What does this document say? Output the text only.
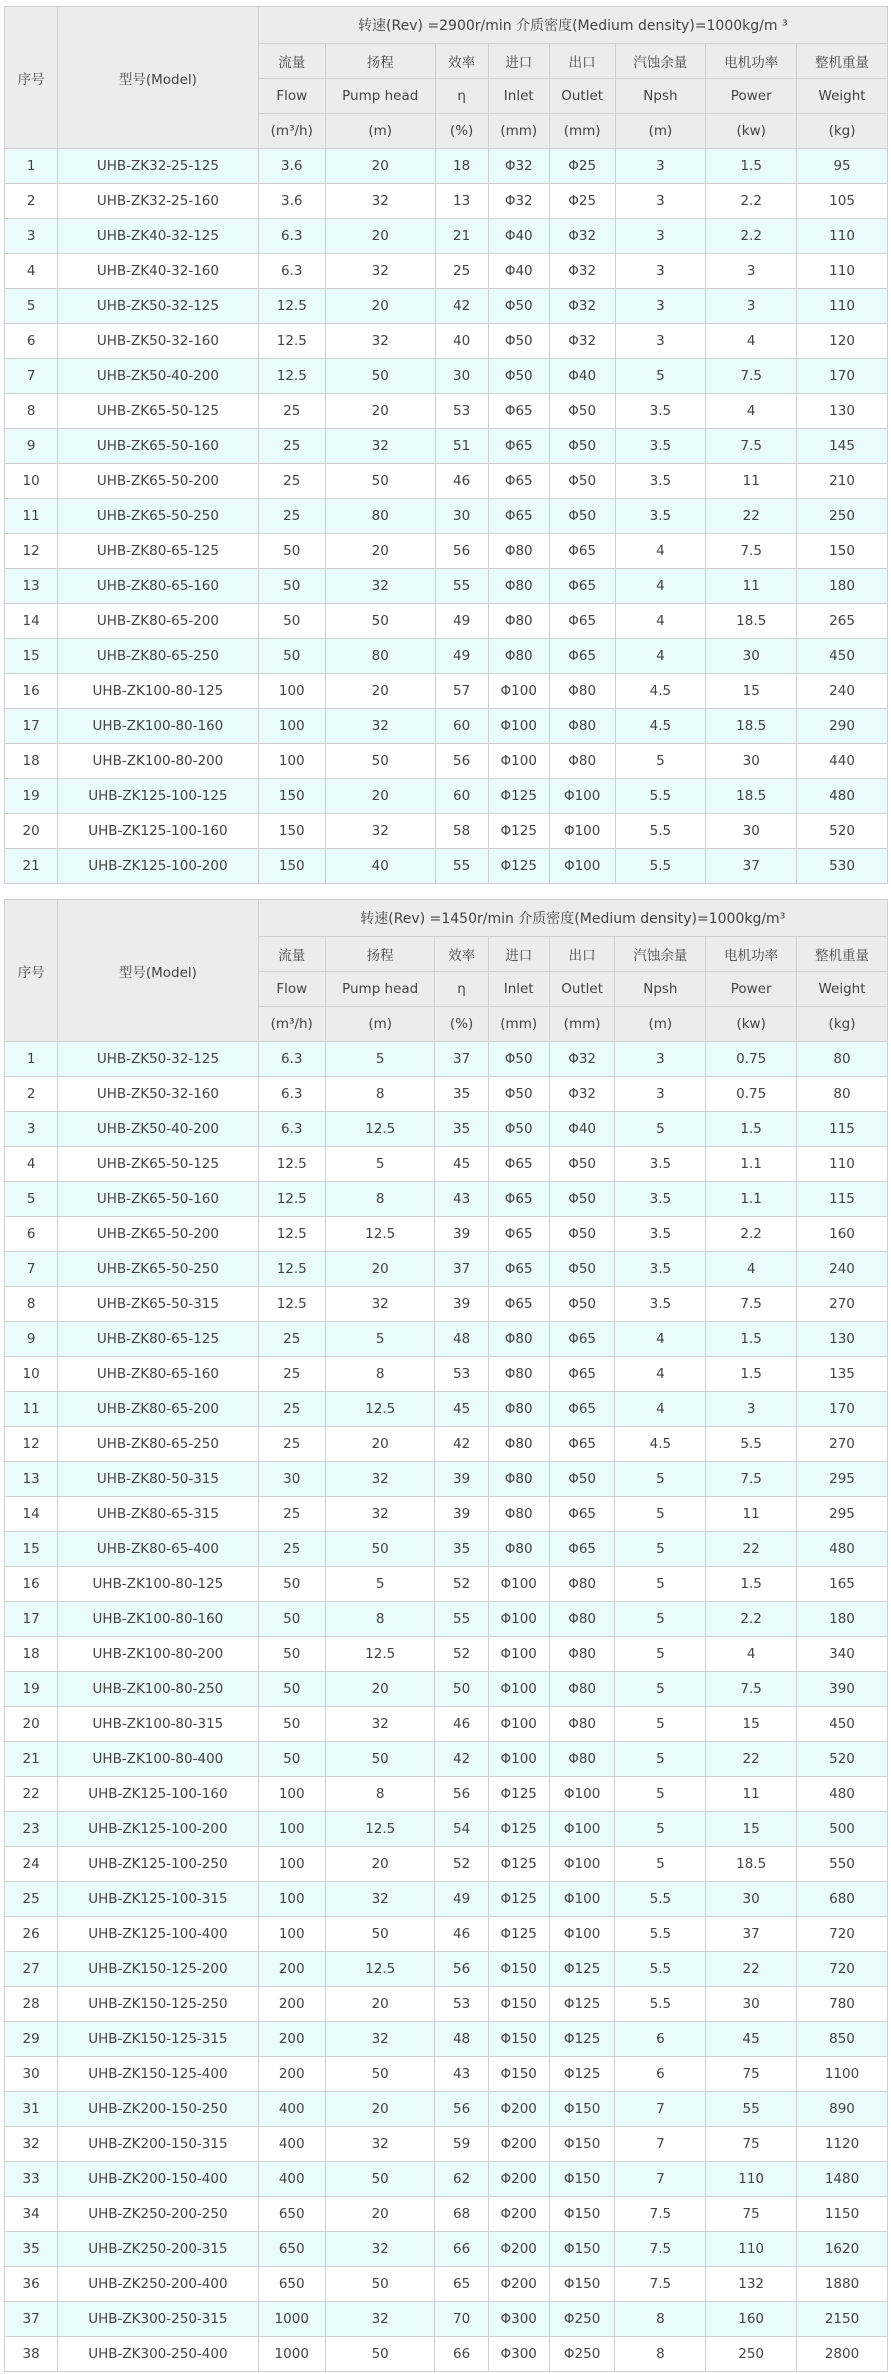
序号	型号(Model)	转速(Rev) =2900r/min 介质密度(Medium density)=1000kg/m ³							
		流量	扬程	效率	进口	出口	汽蚀余量	电机功率	整机重量
		Flow	Pump head	η	Inlet	Outlet	Npsh	Power	Weight
		(m³/h)	(m)	(%)	(mm)	(mm)	(m)	(kw)	(kg)
1	UHB-ZK32-25-125	3.6	20	18	Φ32	Φ25	3	1.5	95
2	UHB-ZK32-25-160	3.6	32	13	Φ32	Φ25	3	2.2	105
3	UHB-ZK40-32-125	6.3	20	21	Φ40	Φ32	3	2.2	110
4	UHB-ZK40-32-160	6.3	32	25	Φ40	Φ32	3	3	110
5	UHB-ZK50-32-125	12.5	20	42	Φ50	Φ32	3	3	110
6	UHB-ZK50-32-160	12.5	32	40	Φ50	Φ32	3	4	120
7	UHB-ZK50-40-200	12.5	50	30	Φ50	Φ40	5	7.5	170
8	UHB-ZK65-50-125	25	20	53	Φ65	Φ50	3.5	4	130
9	UHB-ZK65-50-160	25	32	51	Φ65	Φ50	3.5	7.5	145
10	UHB-ZK65-50-200	25	50	46	Φ65	Φ50	3.5	11	210
11	UHB-ZK65-50-250	25	80	30	Φ65	Φ50	3.5	22	250
12	UHB-ZK80-65-125	50	20	56	Φ80	Φ65	4	7.5	150
13	UHB-ZK80-65-160	50	32	55	Φ80	Φ65	4	11	180
14	UHB-ZK80-65-200	50	50	49	Φ80	Φ65	4	18.5	265
15	UHB-ZK80-65-250	50	80	49	Φ80	Φ65	4	30	450
16	UHB-ZK100-80-125	100	20	57	Φ100	Φ80	4.5	15	240
17	UHB-ZK100-80-160	100	32	60	Φ100	Φ80	4.5	18.5	290
18	UHB-ZK100-80-200	100	50	56	Φ100	Φ80	5	30	440
19	UHB-ZK125-100-125	150	20	60	Φ125	Φ100	5.5	18.5	480
20	UHB-ZK125-100-160	150	32	58	Φ125	Φ100	5.5	30	520
21	UHB-ZK125-100-200	150	40	55	Φ125	Φ100	5.5	37	530
序号	型号(Model)	转速(Rev) =1450r/min 介质密度(Medium density)=1000kg/m³							
		流量	扬程	效率	进口	出口	汽蚀余量	电机功率	整机重量
		Flow	Pump head	η	Inlet	Outlet	Npsh	Power	Weight
		(m³/h)	(m)	(%)	(mm)	(mm)	(m)	(kw)	(kg)
1	UHB-ZK50-32-125	6.3	5	37	Φ50	Φ32	3	0.75	80
2	UHB-ZK50-32-160	6.3	8	35	Φ50	Φ32	3	0.75	80
3	UHB-ZK50-40-200	6.3	12.5	35	Φ50	Φ40	5	1.5	115
4	UHB-ZK65-50-125	12.5	5	45	Φ65	Φ50	3.5	1.1	110
5	UHB-ZK65-50-160	12.5	8	43	Φ65	Φ50	3.5	1.1	115
6	UHB-ZK65-50-200	12.5	12.5	39	Φ65	Φ50	3.5	2.2	160
7	UHB-ZK65-50-250	12.5	20	37	Φ65	Φ50	3.5	4	240
8	UHB-ZK65-50-315	12.5	32	39	Φ65	Φ50	3.5	7.5	270
9	UHB-ZK80-65-125	25	5	48	Φ80	Φ65	4	1.5	130
10	UHB-ZK80-65-160	25	8	53	Φ80	Φ65	4	1.5	135
11	UHB-ZK80-65-200	25	12.5	45	Φ80	Φ65	4	3	170
12	UHB-ZK80-65-250	25	20	42	Φ80	Φ65	4.5	5.5	270
13	UHB-ZK80-50-315	30	32	39	Φ80	Φ50	5	7.5	295
14	UHB-ZK80-65-315	25	32	39	Φ80	Φ65	5	11	295
15	UHB-ZK80-65-400	25	50	35	Φ80	Φ65	5	22	480
16	UHB-ZK100-80-125	50	5	52	Φ100	Φ80	5	1.5	165
17	UHB-ZK100-80-160	50	8	55	Φ100	Φ80	5	2.2	180
18	UHB-ZK100-80-200	50	12.5	52	Φ100	Φ80	5	4	340
19	UHB-ZK100-80-250	50	20	50	Φ100	Φ80	5	7.5	390
20	UHB-ZK100-80-315	50	32	46	Φ100	Φ80	5	15	450
21	UHB-ZK100-80-400	50	50	42	Φ100	Φ80	5	22	520
22	UHB-ZK125-100-160	100	8	56	Φ125	Φ100	5	11	480
23	UHB-ZK125-100-200	100	12.5	54	Φ125	Φ100	5	15	500
24	UHB-ZK125-100-250	100	20	52	Φ125	Φ100	5	18.5	550
25	UHB-ZK125-100-315	100	32	49	Φ125	Φ100	5.5	30	680
26	UHB-ZK125-100-400	100	50	46	Φ125	Φ100	5.5	37	720
27	UHB-ZK150-125-200	200	12.5	56	Φ150	Φ125	5.5	22	720
28	UHB-ZK150-125-250	200	20	53	Φ150	Φ125	5.5	30	780
29	UHB-ZK150-125-315	200	32	48	Φ150	Φ125	6	45	850
30	UHB-ZK150-125-400	200	50	43	Φ150	Φ125	6	75	1100
31	UHB-ZK200-150-250	400	20	56	Φ200	Φ150	7	55	890
32	UHB-ZK200-150-315	400	32	59	Φ200	Φ150	7	75	1120
33	UHB-ZK200-150-400	400	50	62	Φ200	Φ150	7	110	1480
34	UHB-ZK250-200-250	650	20	68	Φ200	Φ150	7.5	75	1150
35	UHB-ZK250-200-315	650	32	66	Φ200	Φ150	7.5	110	1620
36	UHB-ZK250-200-400	650	50	65	Φ200	Φ150	7.5	132	1880
37	UHB-ZK300-250-315	1000	32	70	Φ300	Φ250	8	160	2150
38	UHB-ZK300-250-400	1000	50	66	Φ300	Φ250	8	250	2800
